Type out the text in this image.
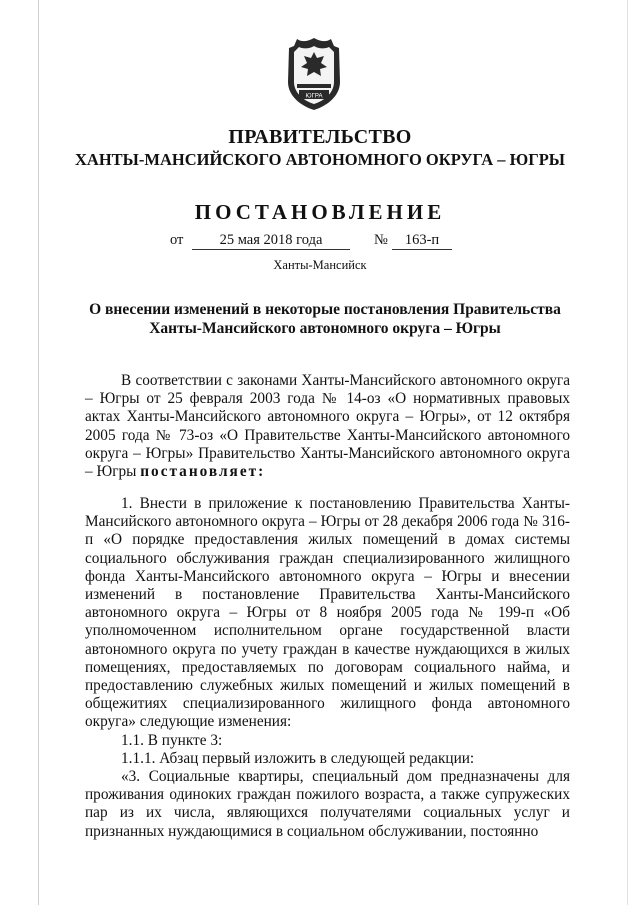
ЮГРА
ПРАВИТЕЛЬСТВО
ХАНТЫ-МАНСИЙСКОГО АВТОНОМНОГО ОКРУГА – ЮГРЫ
ПОСТАНОВЛЕНИЕ
от	25 мая 2018 года	№	163-п

Ханты-Мансийск

О внесении изменений в некоторые постановления Правительства
Ханты-Мансийского автономного округа – Югры

В соответствии с законами Ханты-Мансийского автономного округа – Югры от 25 февраля 2003 года № 14-оз «О нормативных правовых актах Ханты-Мансийского автономного округа – Югры», от 12 октября 2005 года № 73-оз «О Правительстве Ханты-Мансийского автономного округа – Югры» Правительство Ханты-Мансийского автономного округа – Югры постановляет:

1. Внести в приложение к постановлению Правительства Ханты-Мансийского автономного округа – Югры от 28 декабря 2006 года № 316-п «О порядке предоставления жилых помещений в домах системы социального обслуживания граждан специализированного жилищного фонда Ханты-Мансийского автономного округа – Югры и внесении изменений в постановление Правительства Ханты-Мансийского автономного округа – Югры от 8 ноября 2005 года № 199-п «Об уполномоченном исполнительном органе государственной власти автономного округа по учету граждан в качестве нуждающихся в жилых помещениях, предоставляемых по договорам социального найма, и предоставлению служебных жилых помещений и жилых помещений в общежитиях специализированного жилищного фонда автономного округа» следующие изменения:

1.1. В пункте 3:

1.1.1. Абзац первый изложить в следующей редакции:

«3. Социальные квартиры, специальный дом предназначены для проживания одиноких граждан пожилого возраста, а также супружеских пар из их числа, являющихся получателями социальных услуг и признанных нуждающимися в социальном обслуживании, постоянно
